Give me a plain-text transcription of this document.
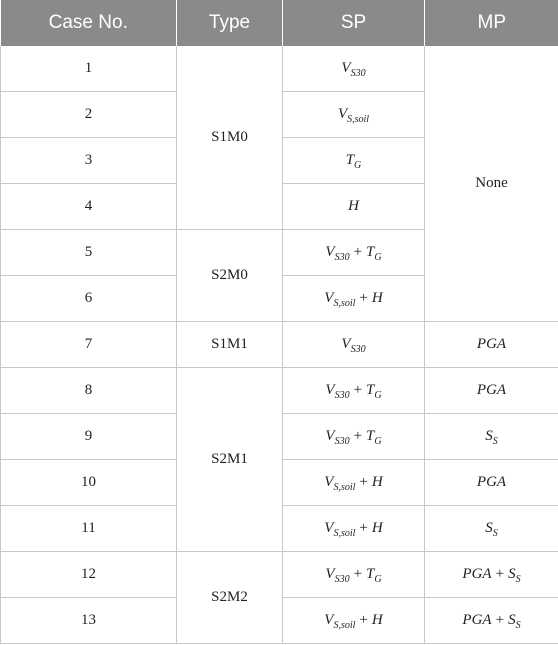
Case No.	Type	SP	MP
1	S1M0	$V_{S30}$	None
2		$V_{S,soil}$
3		$T_G$
4		H	
5	S2M0	$V_{S30} + T_G$
6		$V_{S,soil} + H$	
7	S1M1	$V_{S30}$	PGA
8	S2M1	$V_{S30} + T_G$	PGA
9		$V_{S30} + T_G$	$S_S$
10		$V_{S,soil} + H$	PGA
11		$V_{S,soil} + H$	$S_S$
12	S2M2	$V_{S30} + T_G$	PGA + $S_S$
13		$V_{S,soil} + H$	PGA + $S_S$
